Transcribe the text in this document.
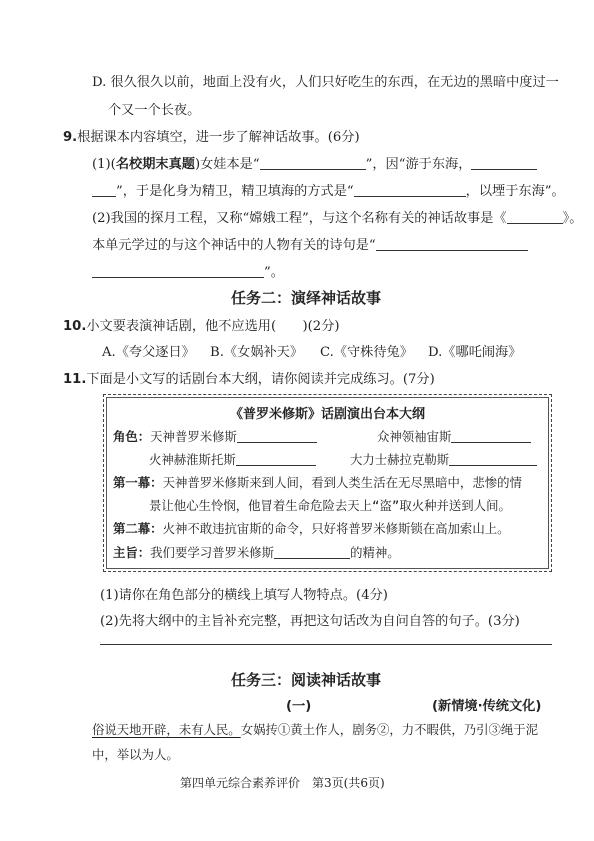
D. 很久很久以前，地面上没有火，人们只好吃生的东西，在无边的黑暗中度过一
个又一个长夜。
9.根据课本内容填空，进一步了解神话故事。(6分)
(1)(名校期末真题)女娃本是“	”，因“游于东海，
”，于是化身为精卫，精卫填海的方式是“	，以堙于东海”。
(2)我国的探月工程，又称“嫦娥工程”，与这个名称有关的神话故事是《	》。
本单元学过的与这个神话中的人物有关的诗句是“
”。
任务二：演绎神话故事
10.小文要表演神话剧，他不应选用(　　)(2分)
A.《夸父逐日》 B.《女娲补天》 C.《守株待兔》 D.《哪吒闹海》
11.下面是小文写的话剧台本大纲，请你阅读并完成练习。(7分)
《普罗米修斯》话剧演出台本大纲
角色：天神普罗米修斯	众神领袖宙斯
火神赫淮斯托斯	大力士赫拉克勒斯
第一幕：天神普罗米修斯来到人间，看到人类生活在无尽黑暗中，悲惨的情
景让他心生怜悯，他冒着生命危险去天上“盗”取火种并送到人间。
第二幕：火神不敢违抗宙斯的命令，只好将普罗米修斯锁在高加索山上。
主旨：我们要学习普罗米修斯	的精神。
(1)请你在角色部分的横线上填写人物特点。(4分)
(2)先将大纲中的主旨补充完整，再把这句话改为自问自答的句子。(3分)
任务三：阅读神话故事
(一)	(新情境·传统文化)
俗说天地开辟，未有人民。女娲抟①黄土作人，剧务②，力不暇供，乃引③绳于泥
中，举以为人。
第四单元综合素养评价　第3页(共6页)
